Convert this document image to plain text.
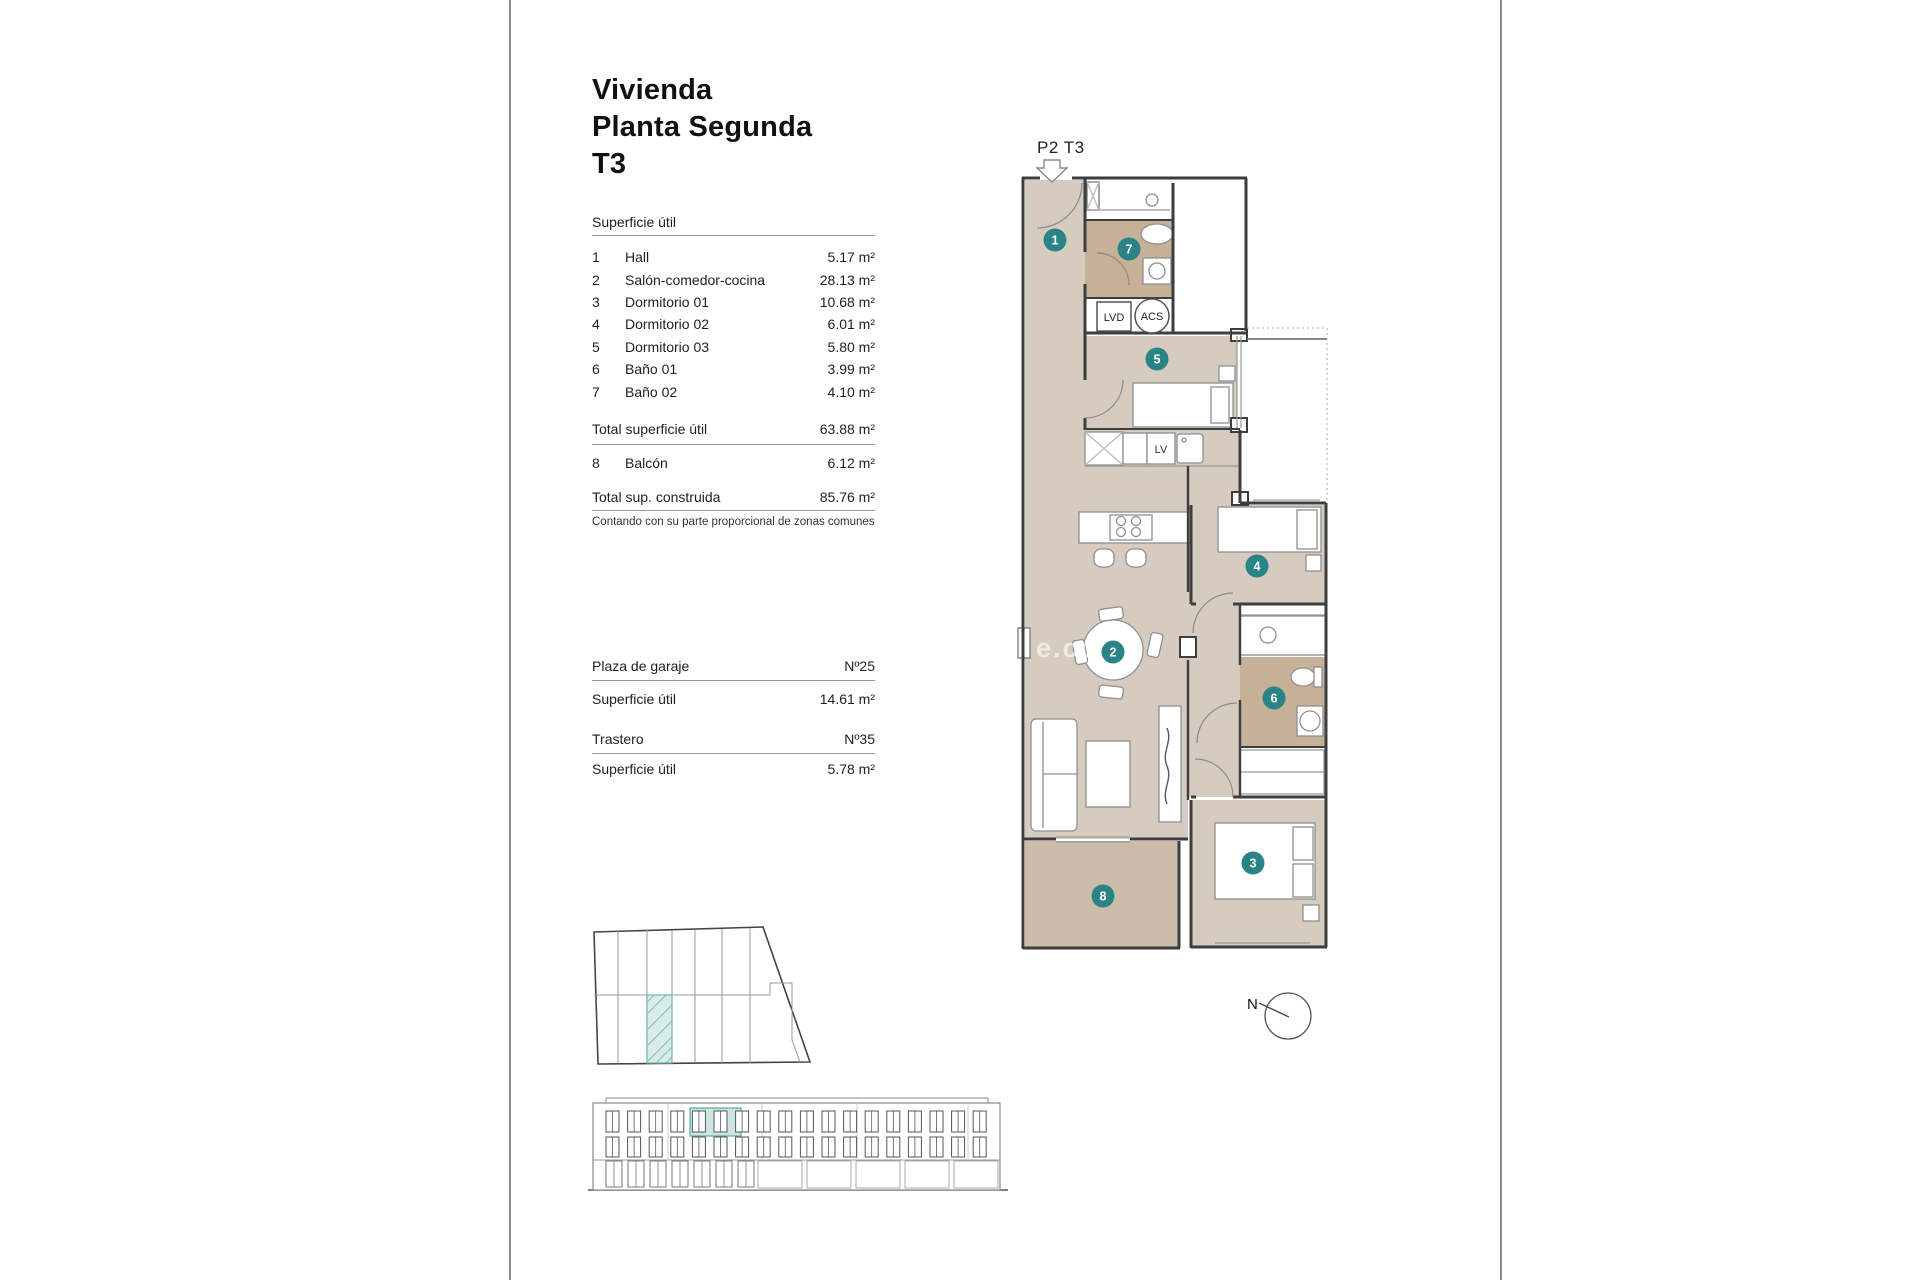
Vivienda
Planta Segunda
T3
Superficie útil
1	Hall	5.17 m²
2	Salón-comedor-cocina	28.13 m²
3	Dormitorio 01	10.68 m²
4	Dormitorio 02	6.01 m²
5	Dormitorio 03	5.80 m²
6	Baño 01	3.99 m²
7	Baño 02	4.10 m²
Total superficie útil	63.88 m²
8	Balcón	6.12 m²
Total sup. construida	85.76 m²
Contando con su parte proporcional de zonas comunes
Plaza de garaje	Nº25
Superficie útil	14.61 m²
Trastero	Nº35
Superficie útil	5.78 m²
P2 T3
LVD ACS
LV
e.co
1
2
3
4
5
6
7
8
N
